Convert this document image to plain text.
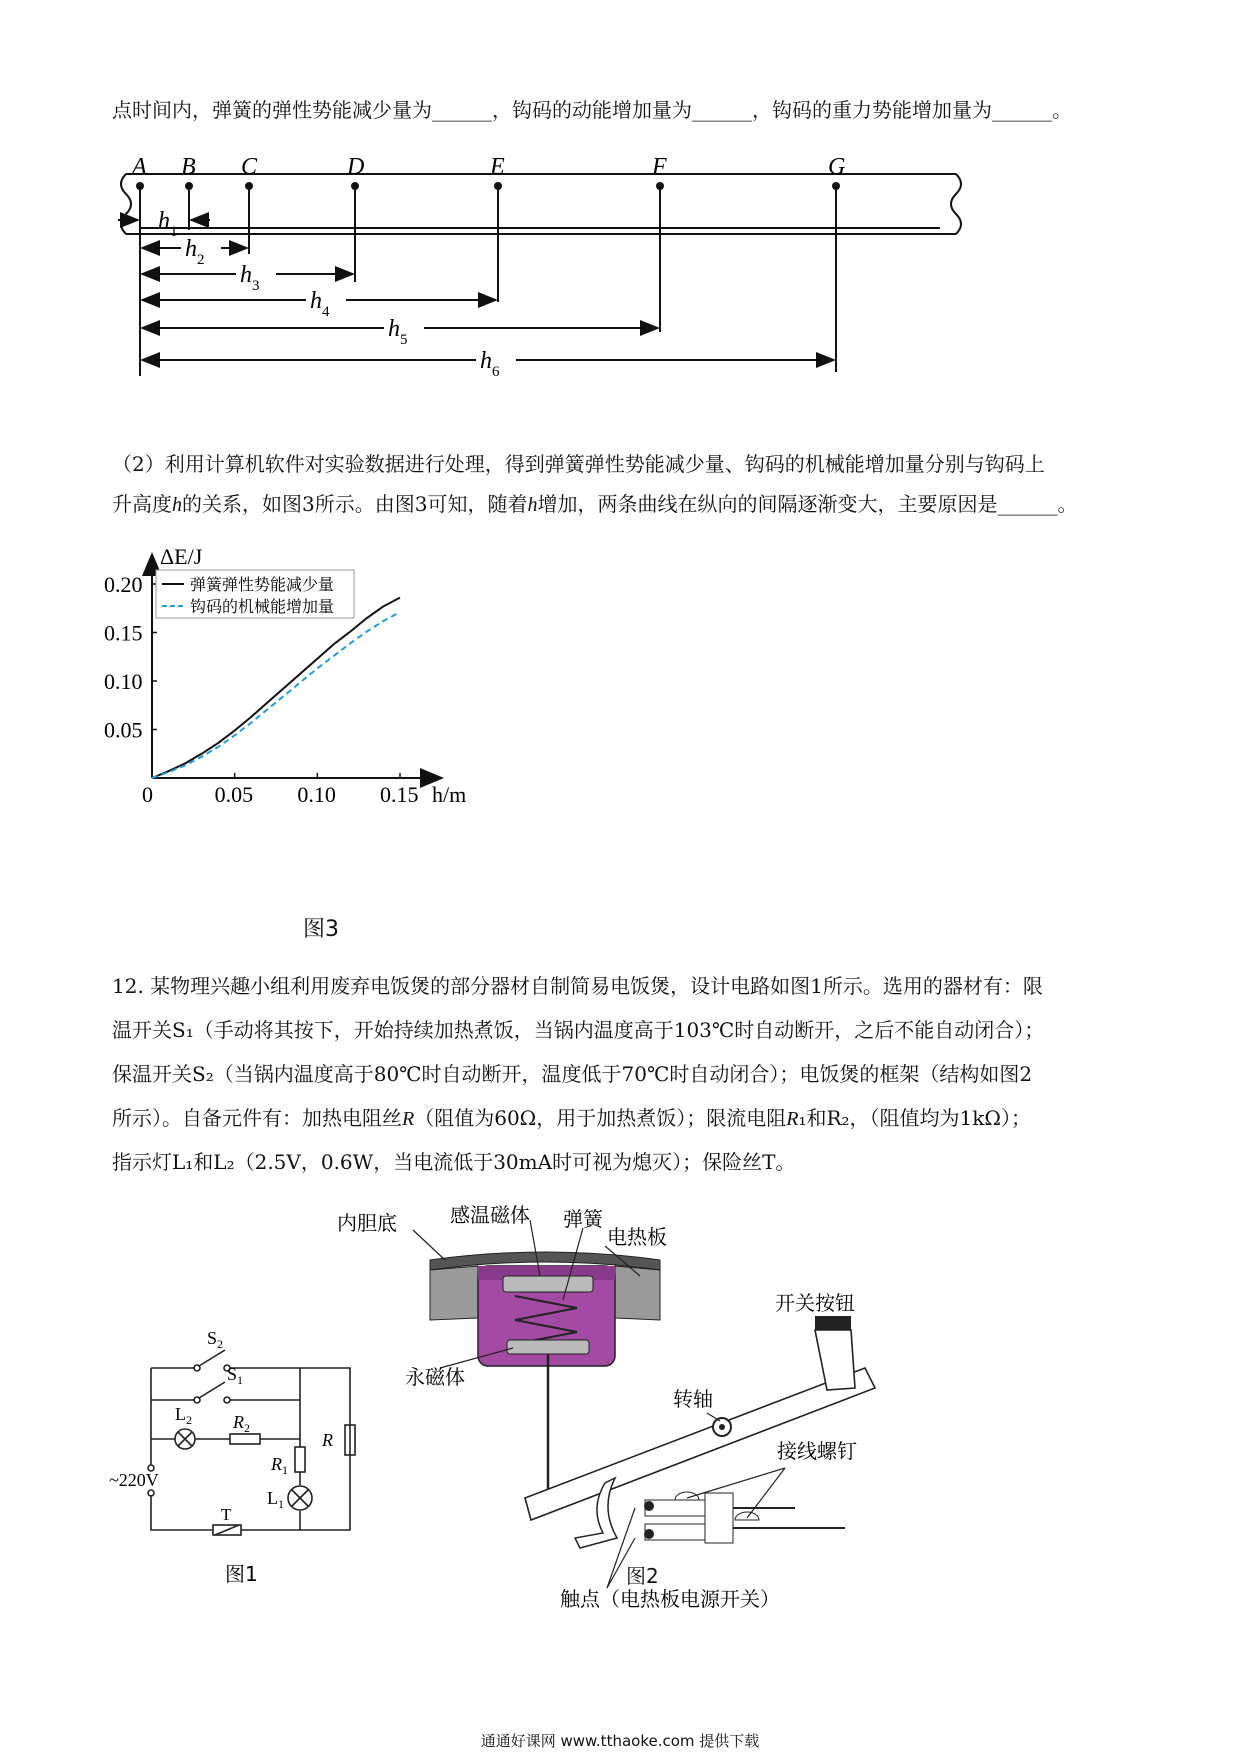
点时间内，弹簧的弹性势能减少量为______，钩码的动能增加量为______，钩码的重力势能增加量为______。
A B C	D	E	F	G
$h_1$
$h_2$
$h_3$
$h_4$
$h_5$
$h_6$
（2）利用计算机软件对实验数据进行处理，得到弹簧弹性势能减少量、钩码的机械能增加量分别与钩码上
升高度h的关系，如图3所示。由图3可知，随着h增加，两条曲线在纵向的间隔逐渐变大，主要原因是______。
ΔE/J
h/m
0.20
0.15
0.10
0.05
0	0.05 0.10 0.15
弹簧弹性势能减少量
钩码的机械能增加量
图3
12. 某物理兴趣小组利用废弃电饭煲的部分器材自制简易电饭煲，设计电路如图1所示。选用的器材有：限
温开关S₁（手动将其按下，开始持续加热煮饭，当锅内温度高于103℃时自动断开，之后不能自动闭合）；
保温开关S₂（当锅内温度高于80℃时自动断开，温度低于70℃时自动闭合）；电饭煲的框架（结构如图2
所示）。自备元件有：加热电阻丝R（阻值为60Ω，用于加热煮饭）；限流电阻R₁和R₂，（阻值均为1kΩ）；
指示灯L₁和L₂（2.5V，0.6W，当电流低于30mA时可视为熄灭）；保险丝T。
$S_2$
$S_1$
$L_2$ $R_2$
$R_1$
$L_1$
R
~220V
T
图1
内胆底	感温磁体 弹簧
电热板
开关按钮
转轴
接线螺钉
永磁体
触点（电热板电源开关）
图2
通通好课网 www.tthaoke.com 提供下载
